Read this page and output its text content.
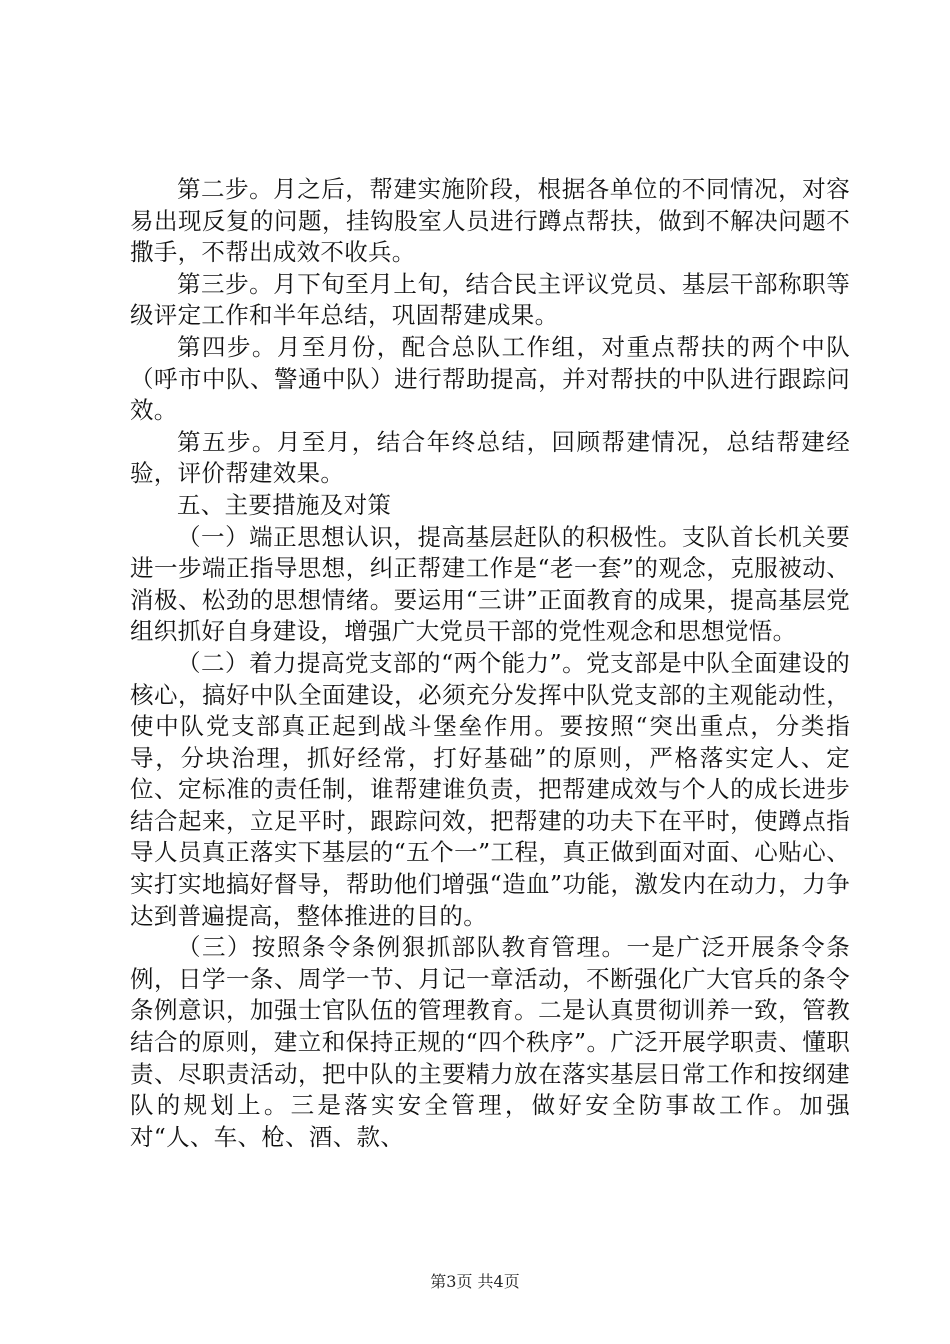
第二步。月之后，帮建实施阶段，根据各单位的不同情况，对容易出现反复的问题，挂钩股室人员进行蹲点帮扶，做到不解决问题不撒手，不帮出成效不收兵。

第三步。月下旬至月上旬，结合民主评议党员、基层干部称职等级评定工作和半年总结，巩固帮建成果。

第四步。月至月份，配合总队工作组，对重点帮扶的两个中队（呼市中队、警通中队）进行帮助提高，并对帮扶的中队进行跟踪问效。

第五步。月至月，结合年终总结，回顾帮建情况，总结帮建经验，评价帮建效果。

五、主要措施及对策

（一）端正思想认识，提高基层赶队的积极性。支队首长机关要进一步端正指导思想，纠正帮建工作是“老一套”的观念，克服被动、消极、松劲的思想情绪。要运用“三讲”正面教育的成果，提高基层党组织抓好自身建设，增强广大党员干部的党性观念和思想觉悟。

（二）着力提高党支部的“两个能力”。党支部是中队全面建设的核心，搞好中队全面建设，必须充分发挥中队党支部的主观能动性，使中队党支部真正起到战斗堡垒作用。要按照“突出重点，分类指导，分块治理，抓好经常，打好基础”的原则，严格落实定人、定位、定标准的责任制，谁帮建谁负责，把帮建成效与个人的成长进步结合起来，立足平时，跟踪问效，把帮建的功夫下在平时，使蹲点指导人员真正落实下基层的“五个一”工程，真正做到面对面、心贴心、实打实地搞好督导，帮助他们增强“造血”功能，激发内在动力，力争达到普遍提高，整体推进的目的。

（三）按照条令条例狠抓部队教育管理。一是广泛开展条令条例，日学一条、周学一节、月记一章活动，不断强化广大官兵的条令条例意识，加强士官队伍的管理教育。二是认真贯彻训养一致，管教结合的原则，建立和保持正规的“四个秩序”。广泛开展学职责、懂职责、尽职责活动，把中队的主要精力放在落实基层日常工作和按纲建队的规划上。三是落实安全管理，做好安全防事故工作。加强对“人、车、枪、酒、款、

第3页 共4页
